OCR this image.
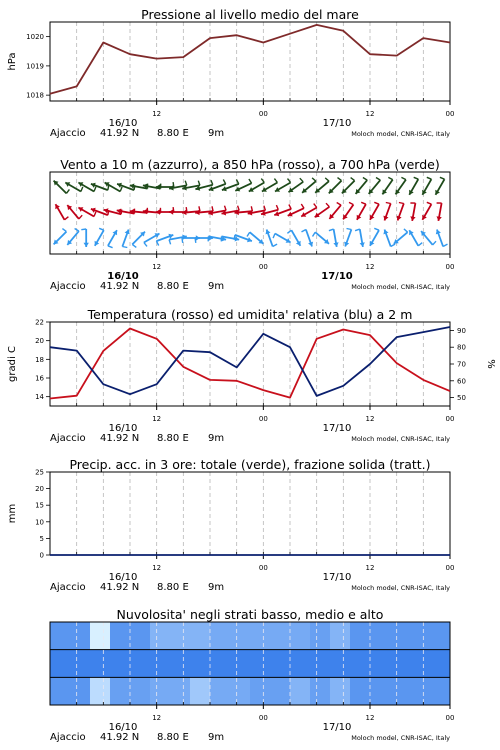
Pressione al livello medio del mare
1018
1019
1020
hPa
Vento a 10 m (azzurro), a 850 hPa (rosso), a 700 hPa (verde)
Temperatura (rosso) ed umidita' relativa (blu) a 2 m
14
16
18
20
22
gradi C
50
60
70
80
90
%
Precip. acc. in 3 ore: totale (verde), frazione solida (tratt.)
0
5
10
15
20
25
mm
Nuvolosita' negli strati basso, medio e alto
12	00	12	00
16/10	17/10
Ajaccio 41.92 N 8.80 E 9m	Moloch model, CNR-ISAC, Italy
12	00	12	00
16/10	17/10
Ajaccio 41.92 N 8.80 E 9m	Moloch model, CNR-ISAC, Italy
12	00	12	00
16/10	17/10
Ajaccio 41.92 N 8.80 E 9m	Moloch model, CNR-ISAC, Italy
12	00	12	00
16/10	17/10
Ajaccio 41.92 N 8.80 E 9m	Moloch model, CNR-ISAC, Italy
12	00	12	00
16/10	17/10
Ajaccio 41.92 N 8.80 E 9m	Moloch model, CNR-ISAC, Italy
